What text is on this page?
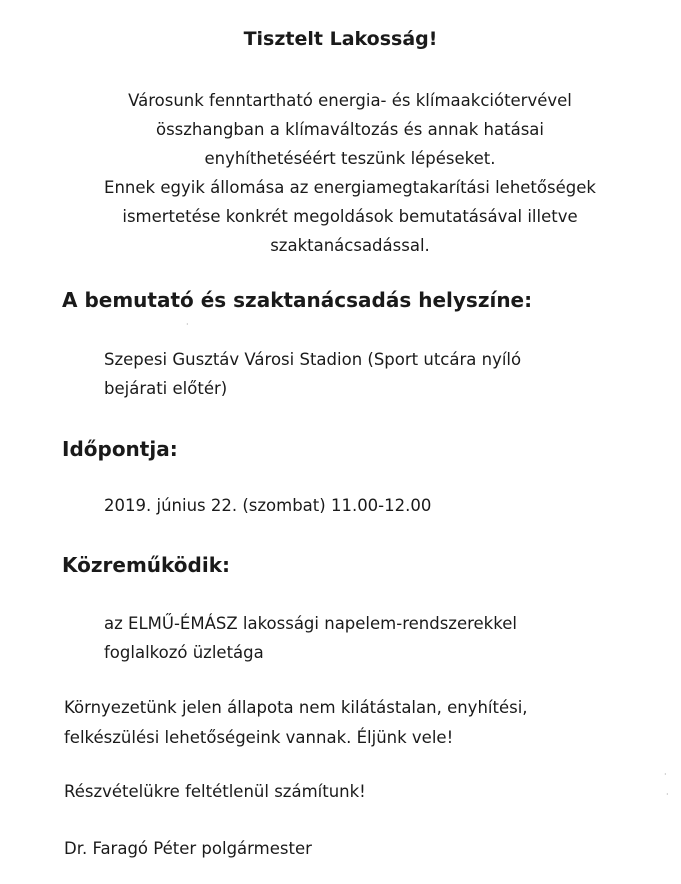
Tisztelt Lakosság!
Városunk fenntartható energia- és klímaakciótervével
összhangban a klímaváltozás és annak hatásai
enyhíthetéséért teszünk lépéseket.
Ennek egyik állomása az energiamegtakarítási lehetőségek
ismertetése konkrét megoldások bemutatásával illetve
szaktanácsadással.
A bemutató és szaktanácsadás helyszíne:
·
Szepesi Gusztáv Városi Stadion (Sport utcára nyíló
bejárati előtér)
Időpontja:
2019. június 22. (szombat) 11.00-12.00
Közreműködik:
az ELMŰ-ÉMÁSZ lakossági napelem-rendszerekkel
foglalkozó üzletága
Környezetünk jelen állapota nem kilátástalan, enyhítési,
felkészülési lehetőségeink vannak. Éljünk vele!
Részvételükre feltétlenül számítunk!
Dr. Faragó Péter polgármester
·
·
